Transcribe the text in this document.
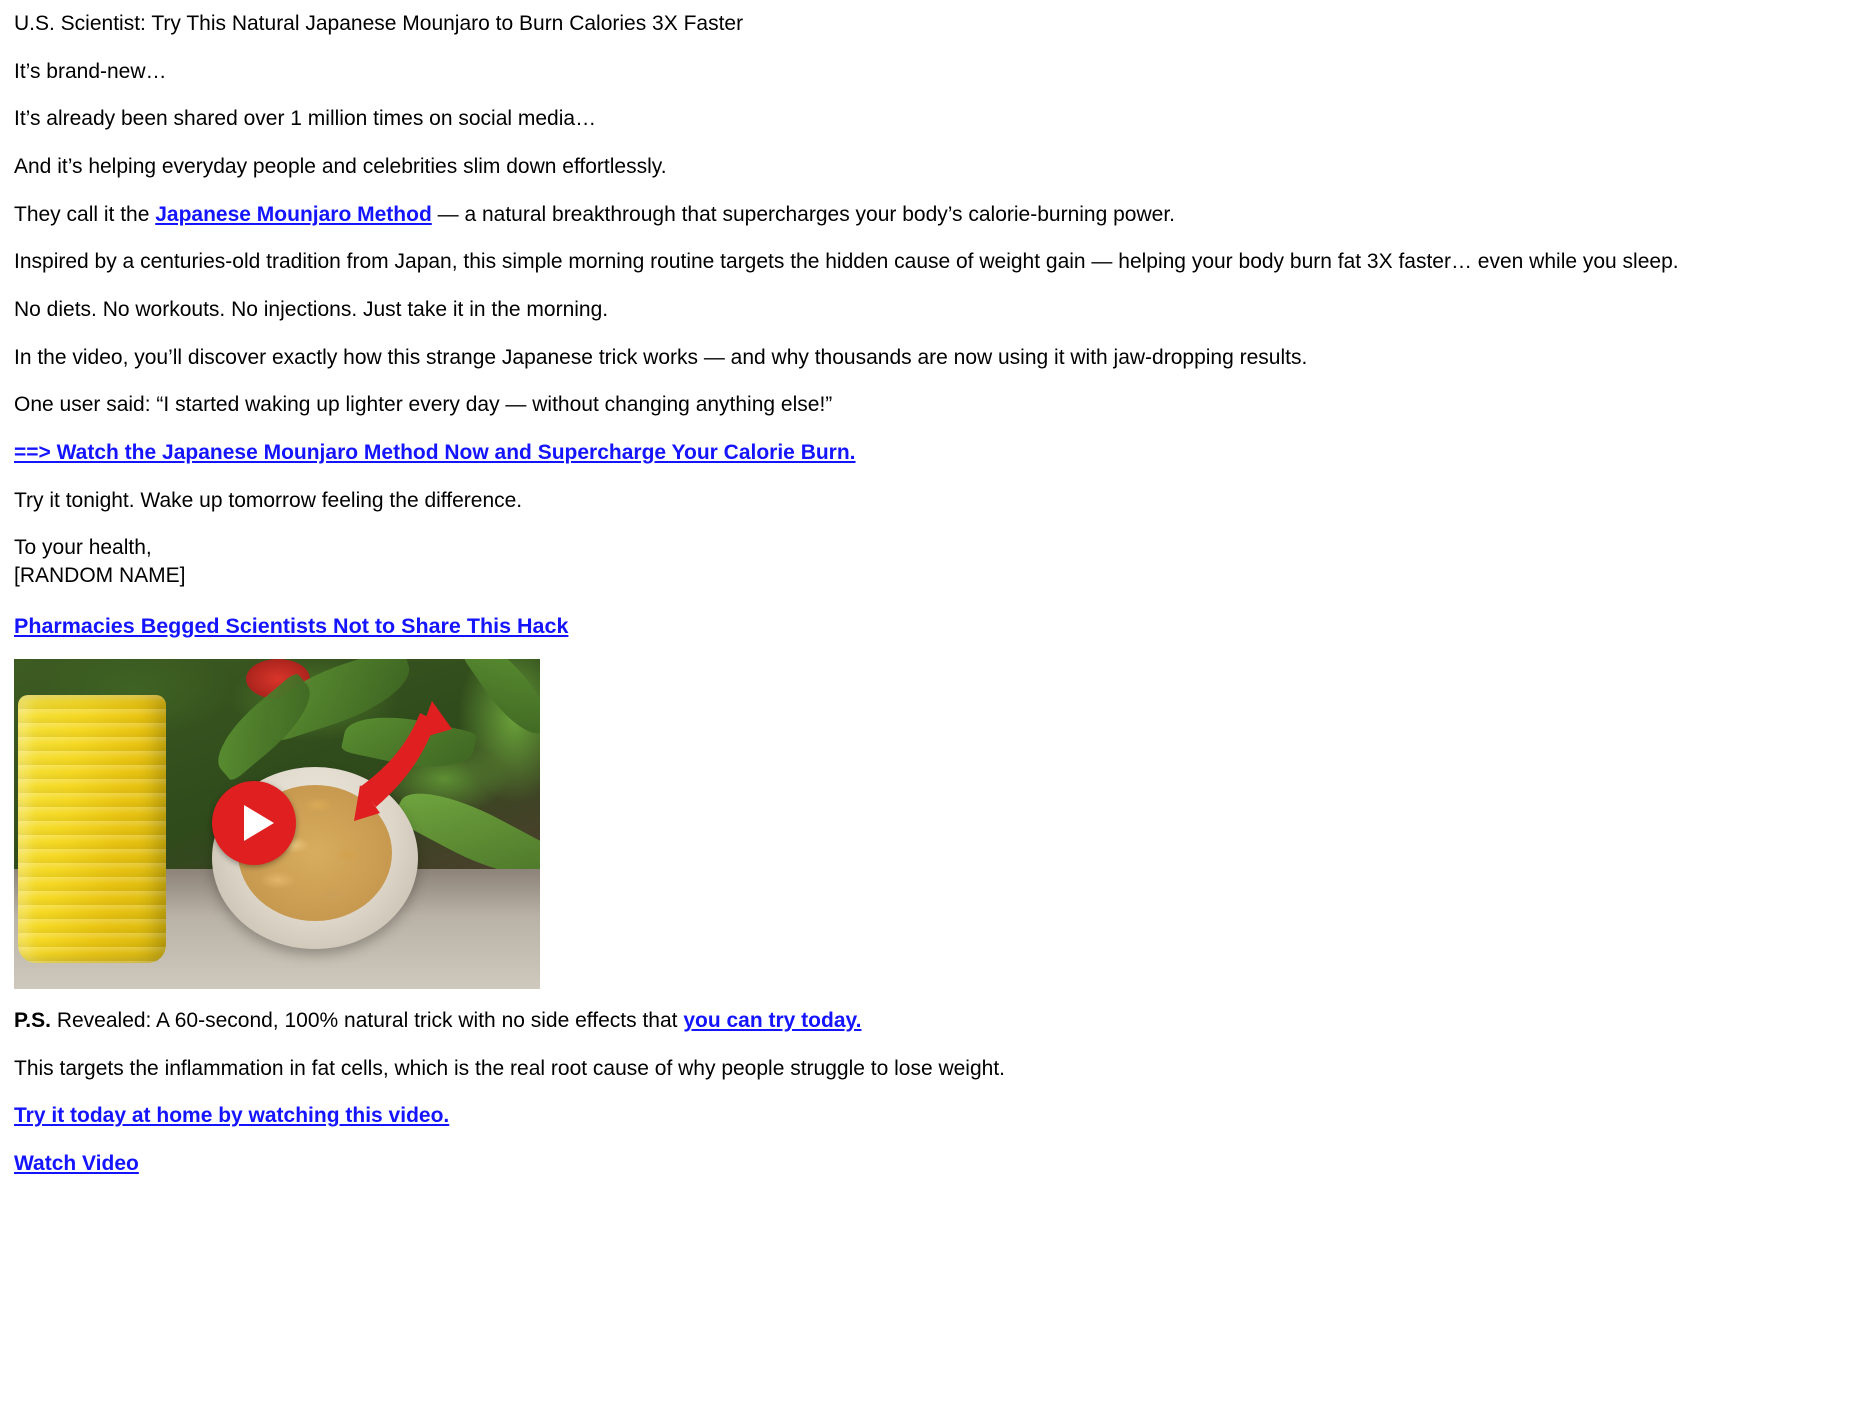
U.S. Scientist: Try This Natural Japanese Mounjaro to Burn Calories 3X Faster

It’s brand-new…

It’s already been shared over 1 million times on social media…

And it’s helping everyday people and celebrities slim down effortlessly.

They call it the Japanese Mounjaro Method — a natural breakthrough that supercharges your body’s calorie-burning power.

Inspired by a centuries-old tradition from Japan, this simple morning routine targets the hidden cause of weight gain — helping your body burn fat 3X faster… even while you sleep.

No diets. No workouts. No injections. Just take it in the morning.

In the video, you’ll discover exactly how this strange Japanese trick works — and why thousands are now using it with jaw-dropping results.

One user said: “I started waking up lighter every day — without changing anything else!”

==> Watch the Japanese Mounjaro Method Now and Supercharge Your Calorie Burn.

Try it tonight. Wake up tomorrow feeling the difference.

To your health,
[RANDOM NAME]
Pharmacies Begged Scientists Not to Share This Hack

P.S. Revealed: A 60-second, 100% natural trick with no side effects that you can try today.

This targets the inflammation in fat cells, which is the real root cause of why people struggle to lose weight.

Try it today at home by watching this video.

Watch Video
